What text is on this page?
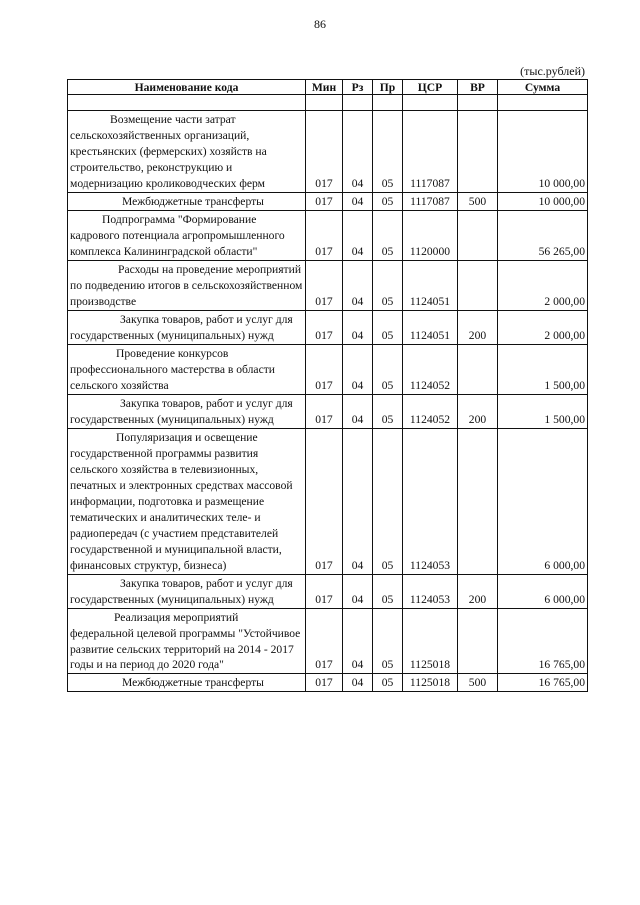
86
(тыс.рублей)
Наименование кода	Мин	Рз	Пр	ЦСР	ВР	Сумма

Возмещение части затрат сельскохозяйственных организаций, крестьянских (фермерских) хозяйств на строительство, реконструкцию и модернизацию кролиководческих ферм	017	04	05	1117087		10 000,00
Межбюджетные трансферты	017	04	05	1117087	500	10 000,00
Подпрограмма "Формирование кадрового потенциала агропромышленного комплекса Калининградской области"	017	04	05	1120000		56 265,00
Расходы на проведение мероприятий по подведению итогов в сельскохозяйственном производстве	017	04	05	1124051		2 000,00
Закупка товаров, работ и услуг для государственных (муниципальных) нужд	017	04	05	1124051	200	2 000,00
Проведение конкурсов профессионального мастерства в области сельского хозяйства	017	04	05	1124052		1 500,00
Закупка товаров, работ и услуг для государственных (муниципальных) нужд	017	04	05	1124052	200	1 500,00
Популяризация и освещение государственной программы развития сельского хозяйства в телевизионных, печатных и электронных средствах массовой информации, подготовка и размещение тематических и аналитических теле- и радиопередач (с участием представителей государственной и муниципальной власти, финансовых структур, бизнеса)	017	04	05	1124053		6 000,00
Закупка товаров, работ и услуг для государственных (муниципальных) нужд	017	04	05	1124053	200	6 000,00
Реализация мероприятий федеральной целевой программы "Устойчивое развитие сельских территорий на 2014 - 2017 годы и на период до 2020 года"	017	04	05	1125018		16 765,00
Межбюджетные трансферты	017	04	05	1125018	500	16 765,00
